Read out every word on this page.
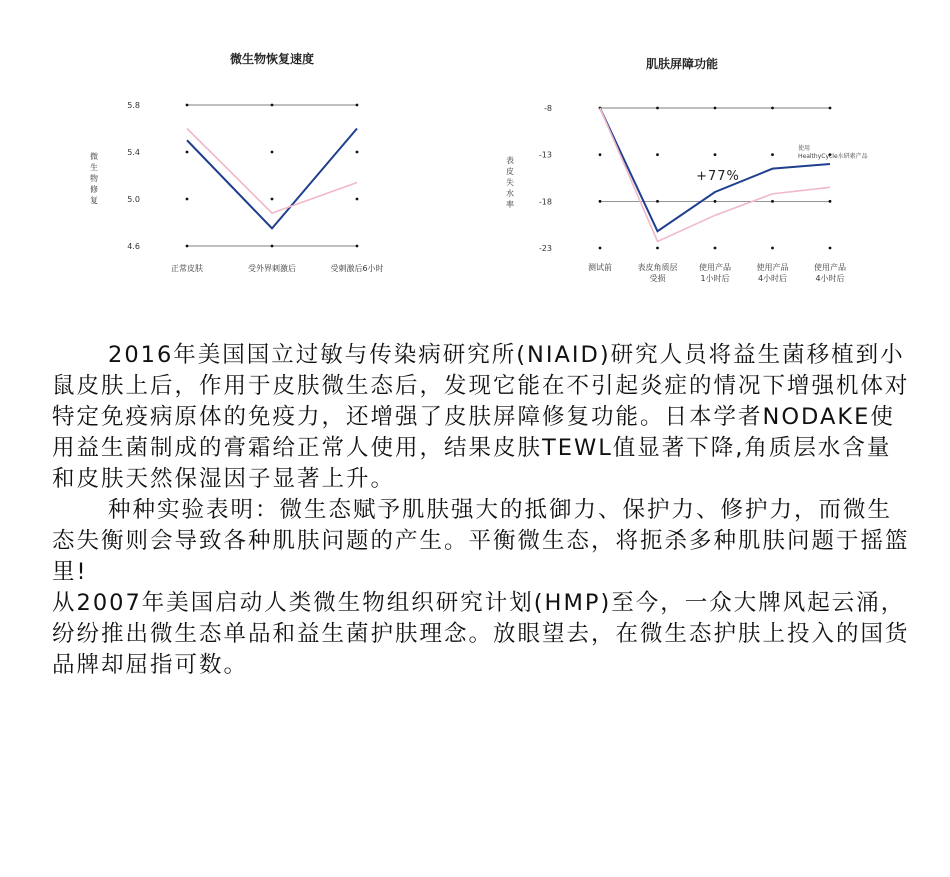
微生物恢复速度
5.8
5.4
5.0
4.6
微
生
物
修
复
正常皮肤	受外界刺激后	受刺激后6小时
肌肤屏障功能
-8
-13
-18
-23
表
皮
失
水
率
测试前	表皮角质层
受损
使用产品
1小时后
使用产品
4小时后
使用产品
4小时后
+77%
使用
HealthyCycle水研素产品

2016年美国国立过敏与传染病研究所(NIAID)研究人员将益生菌移植到小鼠皮肤上后，作用于皮肤微生态后，发现它能在不引起炎症的情况下增强机体对特定免疫病原体的免疫力，还增强了皮肤屏障修复功能。日本学者NODAKE使用益生菌制成的膏霜给正常人使用，结果皮肤TEWL值显著下降,角质层水含量和皮肤天然保湿因子显著上升。

种种实验表明：微生态赋予肌肤强大的抵御力、保护力、修护力，而微生态失衡则会导致各种肌肤问题的产生。平衡微生态，将扼杀多种肌肤问题于摇篮里!

从2007年美国启动人类微生物组织研究计划(HMP)至今，一众大牌风起云涌，纷纷推出微生态单品和益生菌护肤理念。放眼望去，在微生态护肤上投入的国货品牌却屈指可数。
